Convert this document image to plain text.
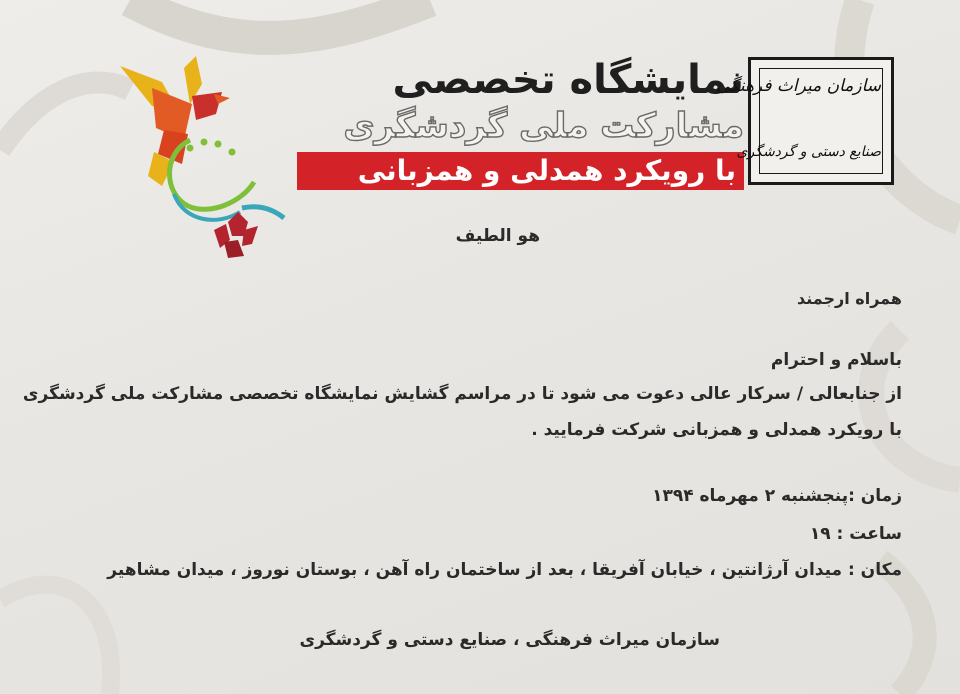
نمایشگاه تخصصی
مشارکت ملی گردشگری
با رویکرد همدلی و همزبانی
سازمان میراث فرهنگی
صنایع دستی و گردشگری
هو الطیف
همراه ارجمند
باسلام و احترام
از جنابعالی / سرکار عالی دعوت می شود تا در مراسم گشایش نمایشگاه تخصصی مشارکت ملی گردشگری
با رویکرد همدلی و همزبانی شرکت فرمایید .
زمان :پنجشنبه ۲ مهرماه ۱۳۹۴
ساعت : ۱۹
مکان : میدان آرژانتین ، خیابان آفریقا ، بعد از ساختمان راه آهن ، بوستان نوروز ، میدان مشاهیر
سازمان میراث فرهنگی ، صنایع دستی و گردشگری
